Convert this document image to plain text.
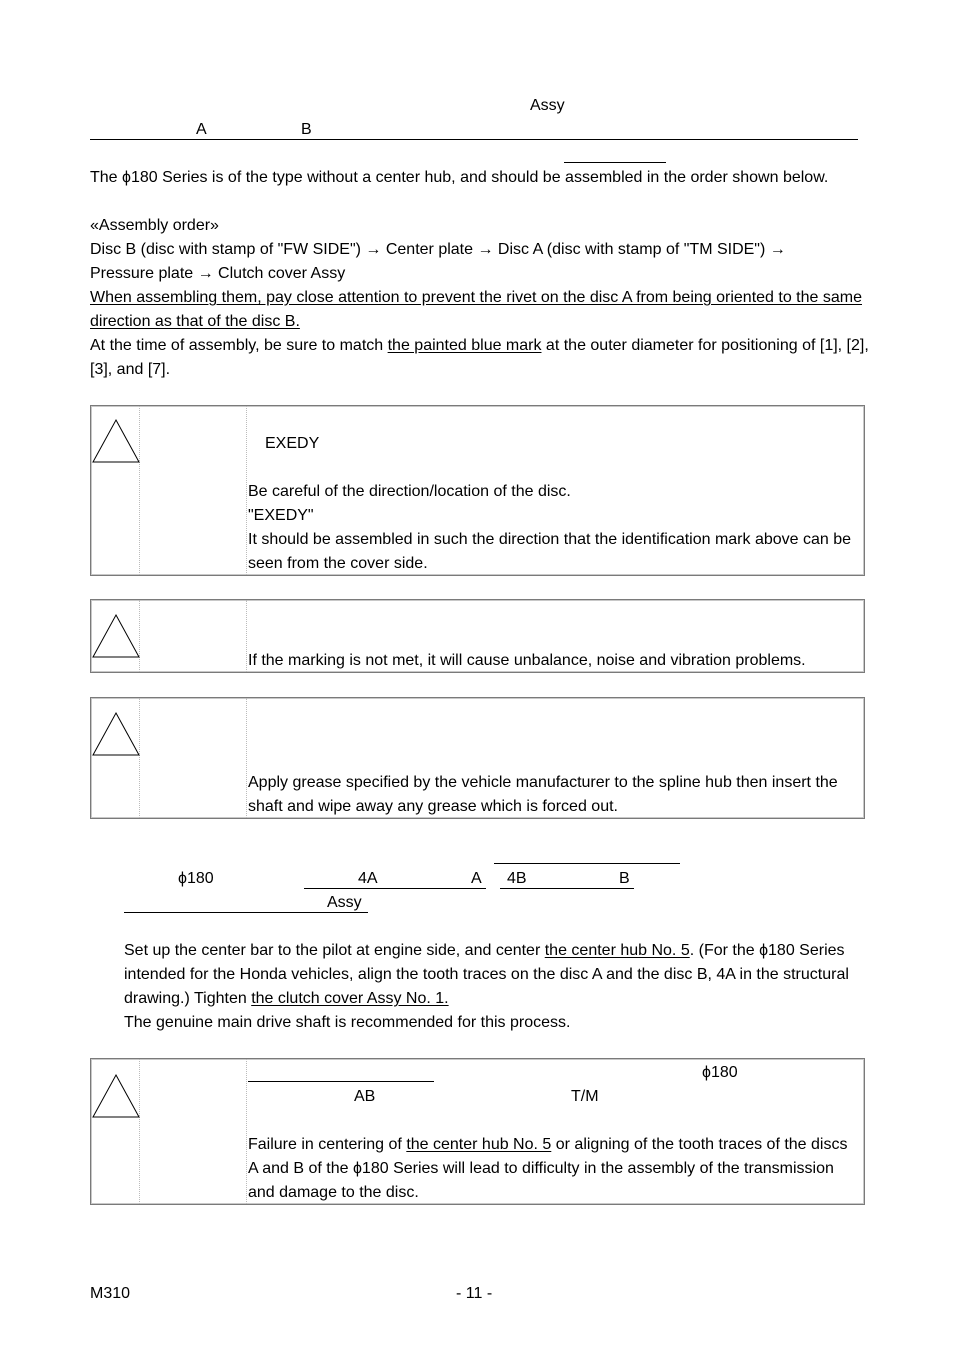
Assy
A	B
The ϕ180 Series is of the type without a center hub, and should be assembled in the order shown below.
«Assembly order»
Disc B (disc with stamp of "FW SIDE") → Center plate → Disc A (disc with stamp of "TM SIDE") → Pressure plate → Clutch cover Assy
When assembling them, pay close attention to prevent the rivet on the disc A from being oriented to the same direction as that of the disc B.
At the time of assembly, be sure to match the painted blue mark at the outer diameter for positioning of [1], [2], [3], and [7].
EXEDY
Be careful of the direction/location of the disc.
"EXEDY"
It should be assembled in such the direction that the identification mark above can be seen from the cover side.
If the marking is not met, it will cause unbalance, noise and vibration problems.
Apply grease specified by the vehicle manufacturer to the spline hub then insert the shaft and wipe away any grease which is forced out.
ϕ180	4A	A 4B	B
Assy
Set up the center bar to the pilot at engine side, and center the center hub No. 5. (For the ϕ180 Series intended for the Honda vehicles, align the tooth traces on the disc A and the disc B, 4A in the structural drawing.) Tighten the clutch cover Assy No. 1.
The genuine main drive shaft is recommended for this process.
ϕ180
AB	T/M
Failure in centering of the center hub No. 5 or aligning of the tooth traces of the discs A and B of the ϕ180 Series will lead to difficulty in the assembly of the transmission and damage to the disc.
M310	- 11 -
